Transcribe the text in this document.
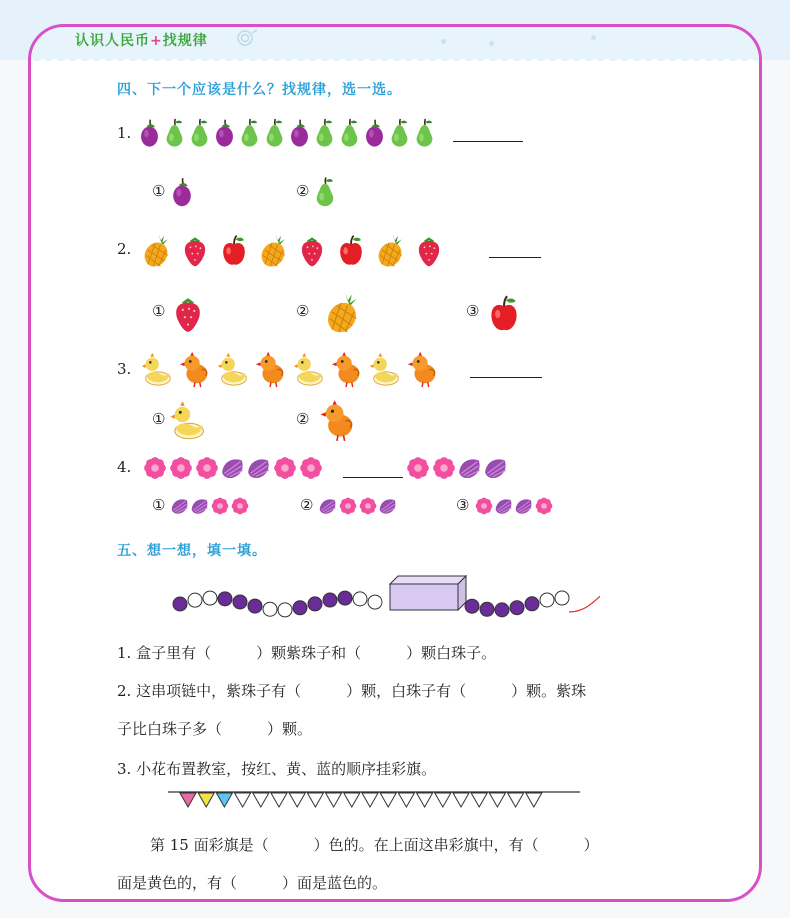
认识人民币+找规律
四、下一个应该是什么？找规律，选一选。
1.
①	②
2.
①	②	③
3.
①	②
4.
①	②	③
五、想一想，填一填。
1. 盒子里有（　　　）颗紫珠子和（　　　）颗白珠子。
2. 这串项链中，紫珠子有（　　　）颗，白珠子有（　　　）颗。紫珠
子比白珠子多（　　　）颗。
3. 小花布置教室，按红、黄、蓝的顺序挂彩旗。
第 15 面彩旗是（　　　）色的。在上面这串彩旗中，有（　　　）
面是黄色的，有（　　　）面是蓝色的。
